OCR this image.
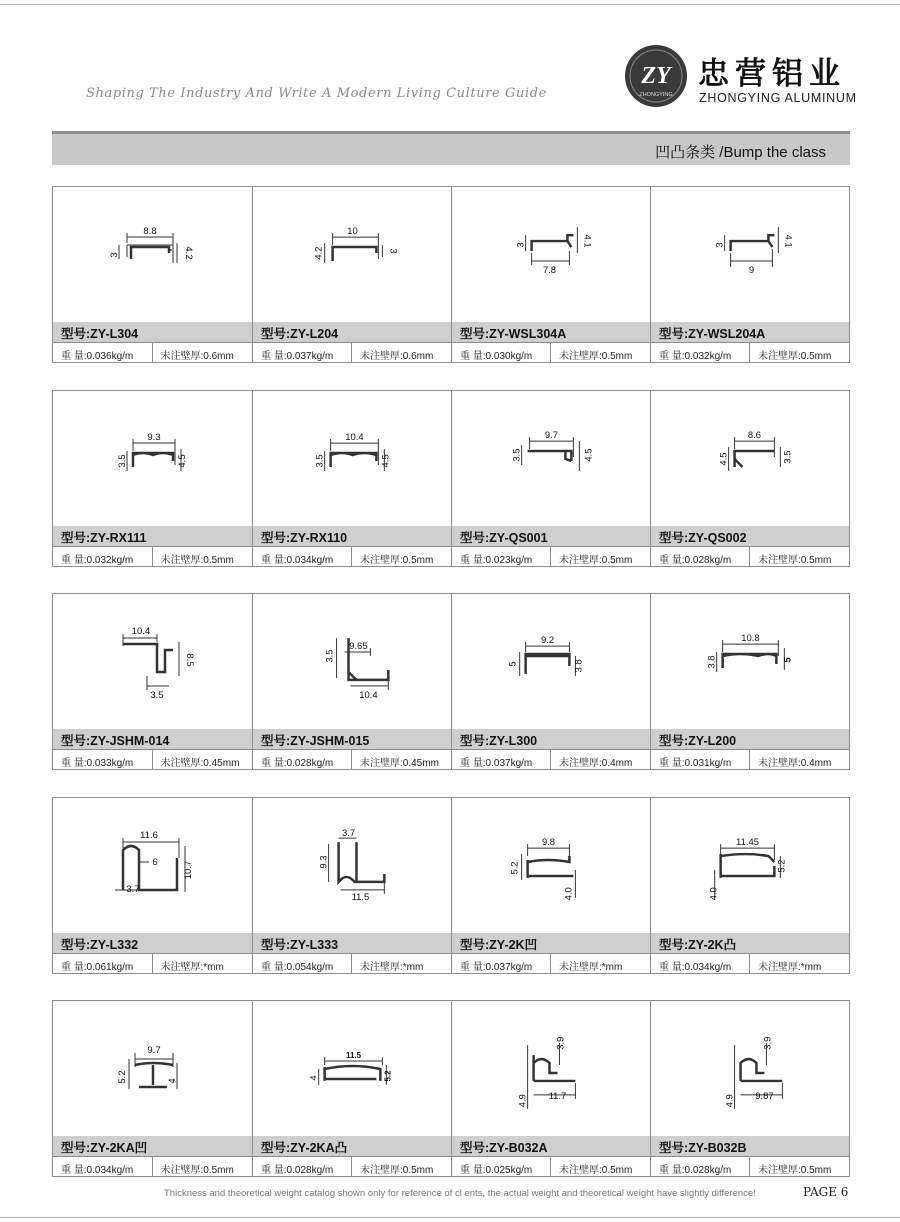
Shaping The Industry And Write A Modern Living Culture Guide
ZY
ZHONGYING
忠营铝业
ZHONGYING ALUMINUM
凹凸条类 /Bump the class
8.8
3	4.2
型号:ZY-L304
重 量:0.036kg/m	未注壁厚:0.6mm
10
4.2	3
型号:ZY-L204
重 量:0.037kg/m	未注壁厚:0.6mm
7.8
3	4.1
型号:ZY-WSL304A
重 量:0.030kg/m	未注壁厚:0.5mm
9
3	4.1
型号:ZY-WSL204A
重 量:0.032kg/m	未注壁厚:0.5mm
9.3
3.5	4.5
型号:ZY-RX111
重 量:0.032kg/m	未注壁厚:0.5mm
10.4
3.5	4.5
型号:ZY-RX110
重 量:0.034kg/m	未注壁厚:0.5mm
9.7
3.5	4.5
型号:ZY-QS001
重 量:0.023kg/m	未注壁厚:0.5mm
8.6
4.5	3.5
型号:ZY-QS002
重 量:0.028kg/m	未注壁厚:0.5mm
10.4
3.5
8.5
型号:ZY-JSHM-014
重 量:0.033kg/m	未注壁厚:0.45mm
9.65
10.4
3.5
型号:ZY-JSHM-015
重 量:0.028kg/m	未注壁厚:0.45mm
9.2
5	3.8
型号:ZY-L300
重 量:0.037kg/m	未注壁厚:0.4mm
10.8
3.8	5
型号:ZY-L200
重 量:0.031kg/m	未注壁厚:0.4mm
11.6
3.7
10.7
6
型号:ZY-L332
重 量:0.061kg/m	未注壁厚:*mm
3.7
9.3
11.5
型号:ZY-L333
重 量:0.054kg/m	未注壁厚:*mm
9.8
5.2
4.0
型号:ZY-2K凹
重 量:0.037kg/m	未注壁厚:*mm
11.45
4.0
5.2
型号:ZY-2K凸
重 量:0.034kg/m	未注壁厚:*mm
9.7
5.2	4
型号:ZY-2KA凹
重 量:0.034kg/m	未注壁厚:0.5mm
11.5
4	5.2
型号:ZY-2KA凸
重 量:0.028kg/m	未注壁厚:0.5mm
11.7
4.9
3.9
型号:ZY-B032A
重 量:0.025kg/m	未注壁厚:0.5mm
9.87
4.9
3.9
型号:ZY-B032B
重 量:0.028kg/m	未注壁厚:0.5mm
Thickness and theoretical weight catalog shown only for reference of cl ents, the actual weight and theoretical weight have slightly difference!	PAGE 6
